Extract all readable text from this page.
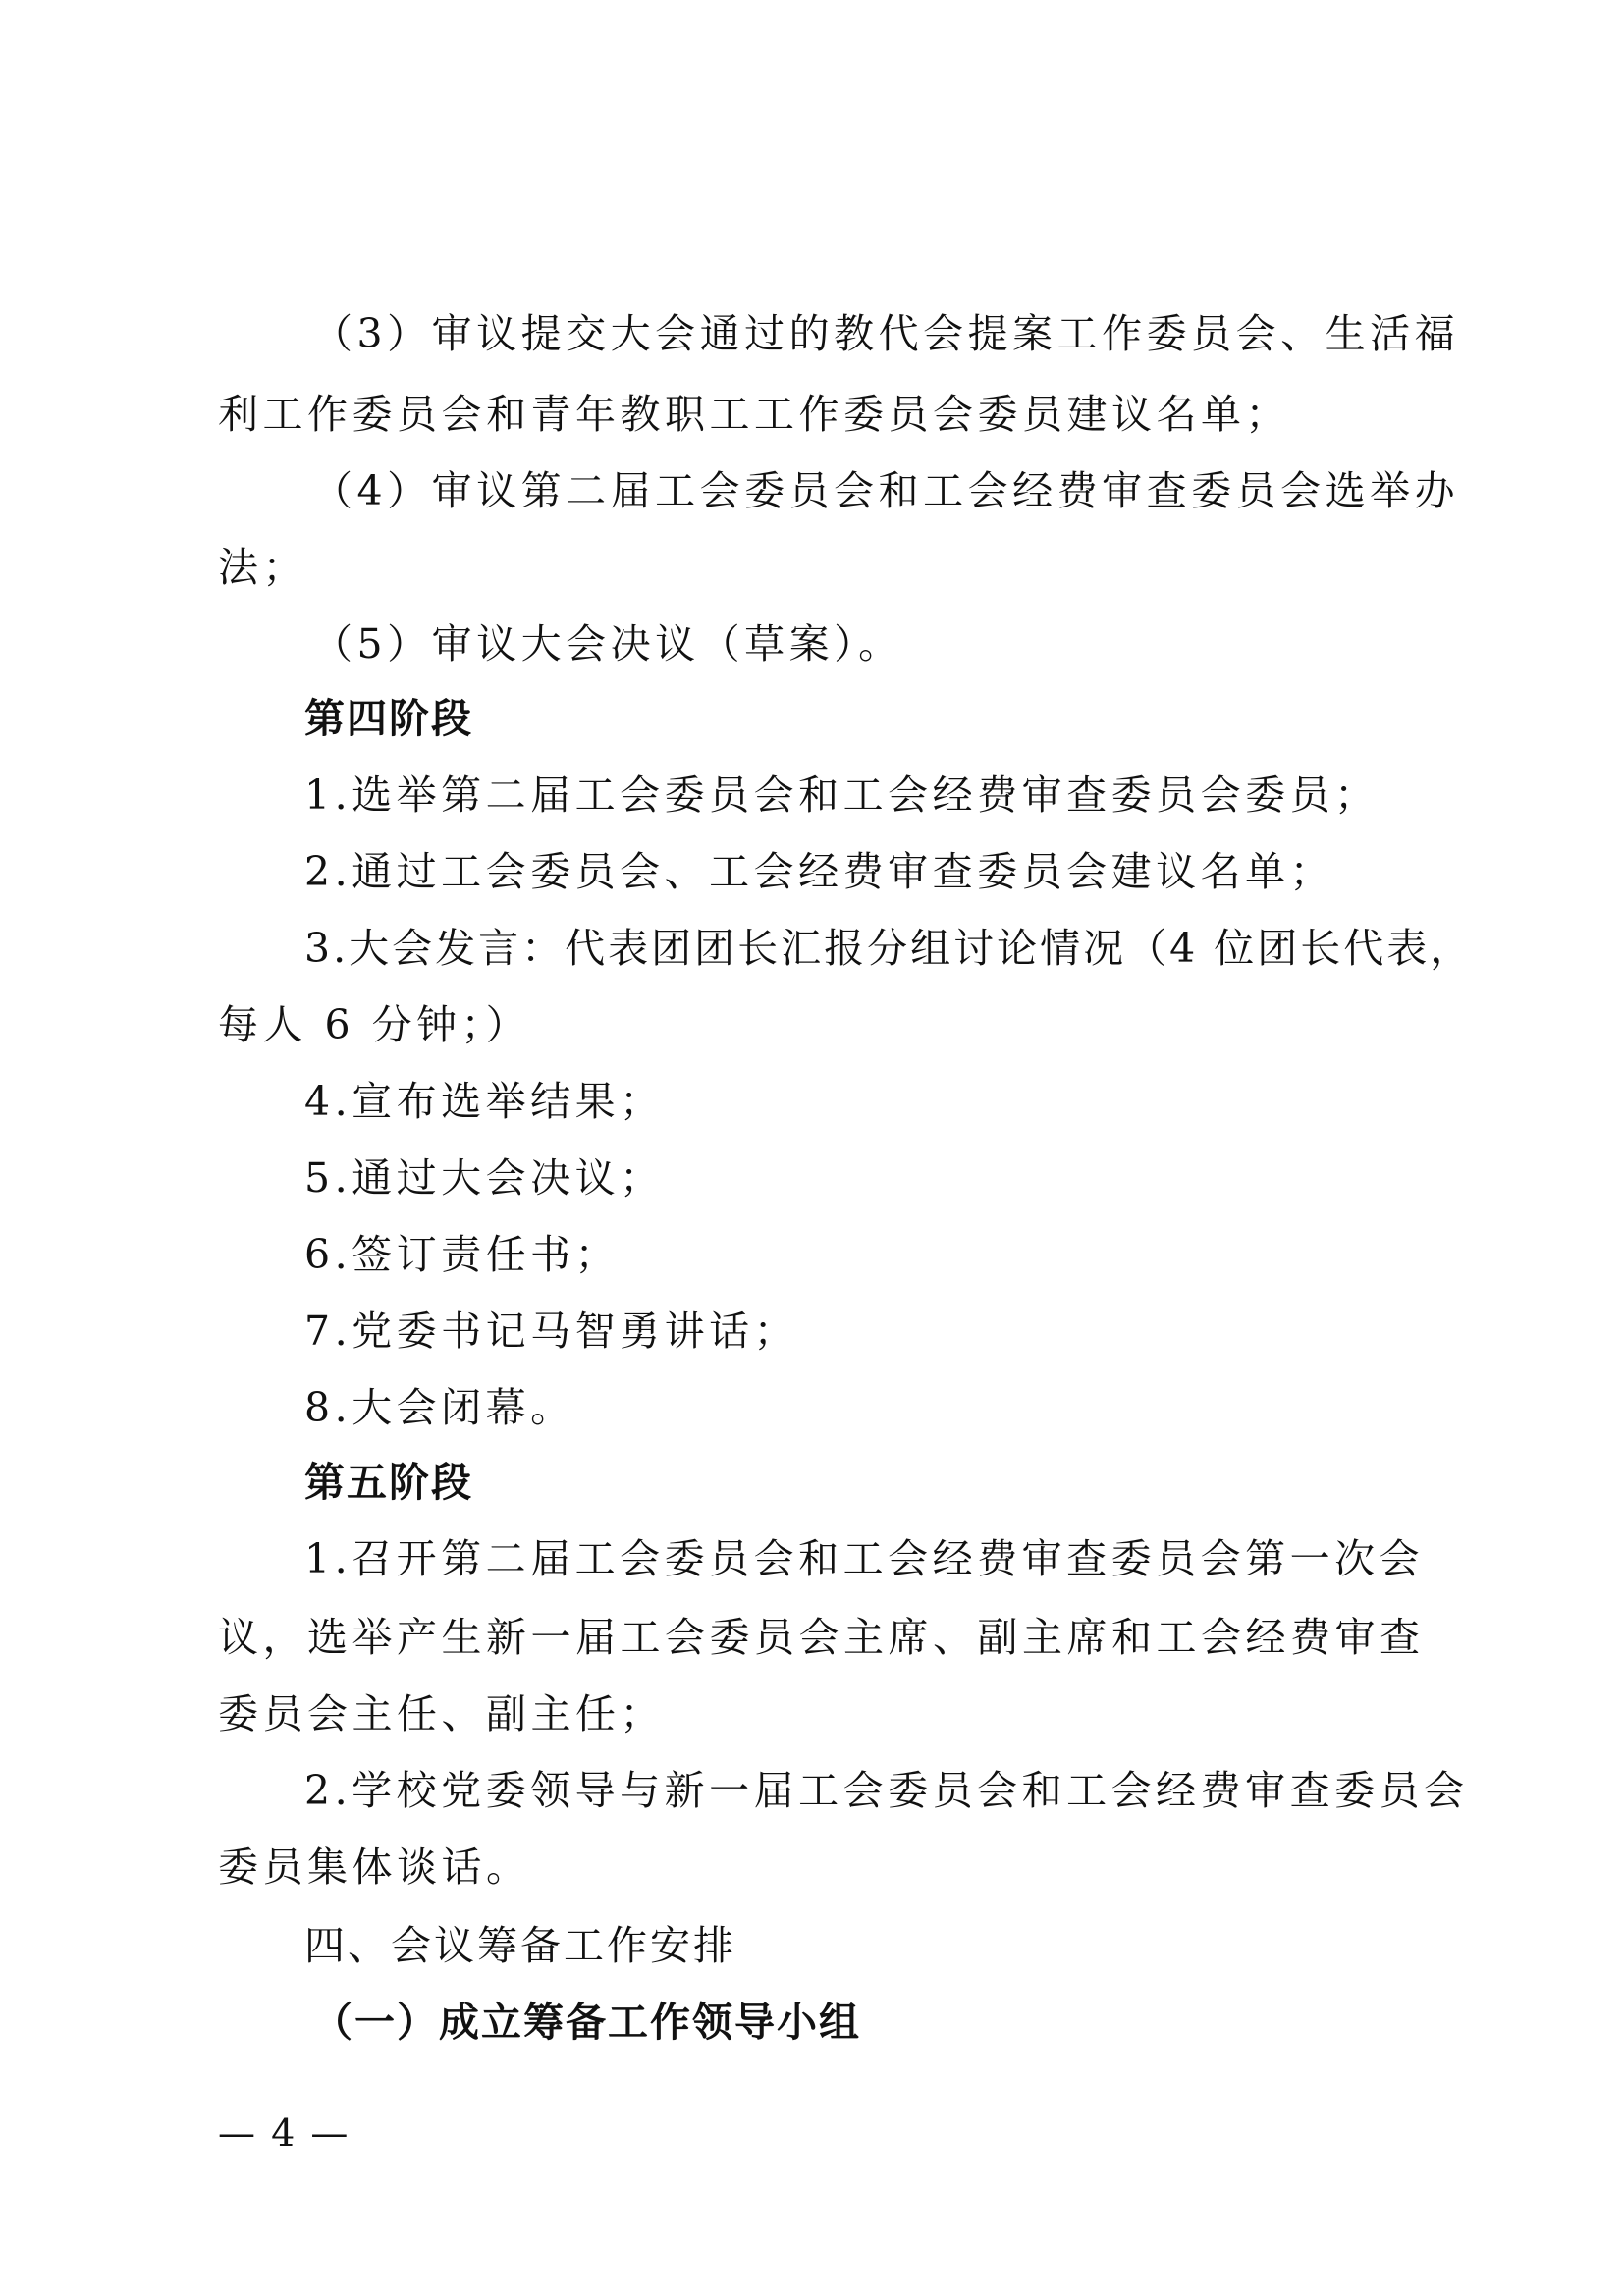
（3）审议提交大会通过的教代会提案工作委员会、生活福
利工作委员会和青年教职工工作委员会委员建议名单；
（4）审议第二届工会委员会和工会经费审查委员会选举办
法；
（5）审议大会决议（草案）。
第四阶段
1.选举第二届工会委员会和工会经费审查委员会委员；
2.通过工会委员会、工会经费审查委员会建议名单；
3.大会发言：代表团团长汇报分组讨论情况（4 位团长代表，
每人 6 分钟；）
4.宣布选举结果；
5.通过大会决议；
6.签订责任书；
7.党委书记马智勇讲话；
8.大会闭幕。
第五阶段
1.召开第二届工会委员会和工会经费审查委员会第一次会
议，选举产生新一届工会委员会主席、副主席和工会经费审查
委员会主任、副主任；
2.学校党委领导与新一届工会委员会和工会经费审查委员会
委员集体谈话。
四、会议筹备工作安排
（一）成立筹备工作领导小组
— 4 —
